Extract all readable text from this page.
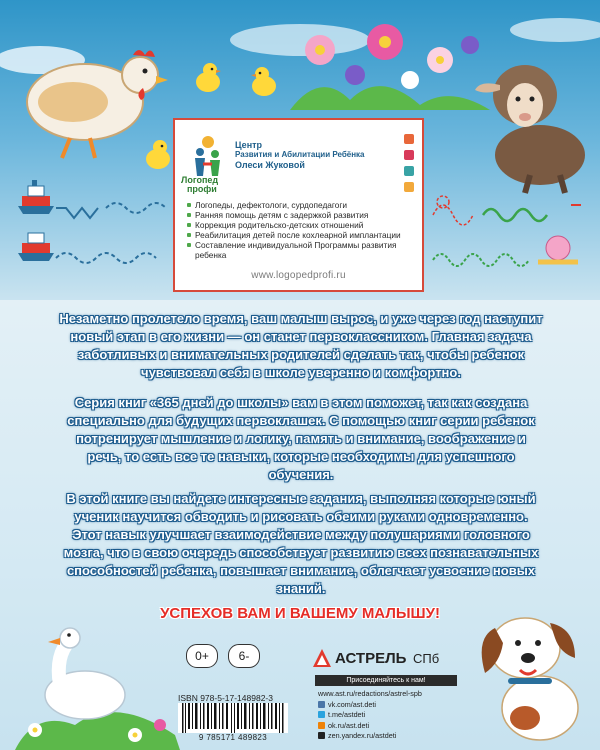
Логопед
профи
Центр
Развития и Абилитации Ребёнка
Олеси Жуковой
Логопеды, дефектологи, сурдопедагоги
Ранняя помощь детям с задержкой развития
Коррекция родительско-детских отношений
Реабилитация детей после кохлеарной имплантации
Составление индивидуальной Программы развития ребенка
www.logopedprofi.ru
Незаметно пролетело время, ваш малыш вырос, и уже через год наступит новый этап в его жизни — он станет первоклассником. Главная задача заботливых и внимательных родителей сделать так, чтобы ребенок чувствовал себя в школе уверенно и комфортно.
Серия книг «365 дней до школы» вам в этом поможет, так как создана специально для будущих первоклашек. С помощью книг серии ребенок потренирует мышление и логику, память и внимание, воображение и речь, то есть все те навыки, которые необходимы для успешного обучения.
В этой книге вы найдете интересные задания, выполняя которые юный ученик научится обводить и рисовать обеими руками одновременно. Этот навык улучшает взаимодействие между полушариями головного мозга, что в свою очередь способствует развитию всех познавательных способностей ребенка, повышает внимание, облегчает усвоение новых знаний.
УСПЕХОВ ВАМ И ВАШЕМУ МАЛЫШУ!
0+	6-
ISBN 978-5-17-148982-3
9 785171 489823
АСТРЕЛЬ СПб
Присоединяйтесь к нам!
www.ast.ru/redactions/astrel-spb
vk.com/ast.deti
t.me/astdeti
ok.ru/ast.deti
zen.yandex.ru/astdeti
